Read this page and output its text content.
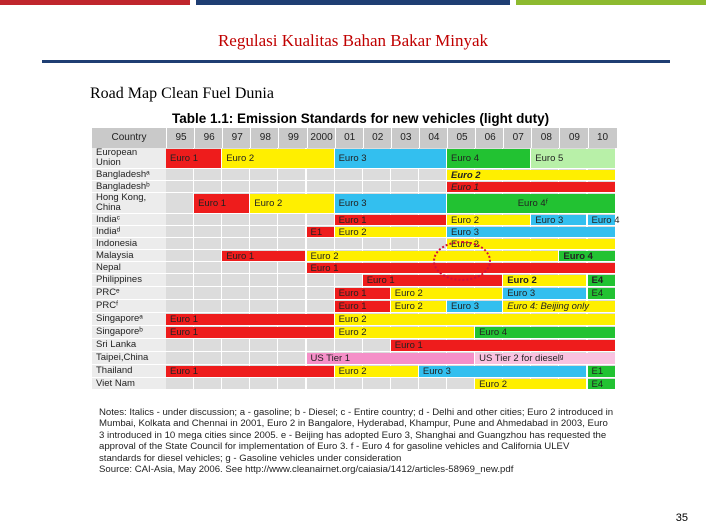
Regulasi Kualitas Bahan Bakar Minyak
Road Map Clean Fuel Dunia
Table 1.1: Emission Standards for new vehicles (light duty)
Country	95	96	97	98	99	2000	01	02	03	04	05	06	07	08	09	10
European
Union	Euro 1	Euro 2	Euro 3	Euro 4	Euro 5
Bangladeshᵃ	Euro 2
Bangladeshᵇ	Euro 1
Hong Kong,
China	Euro 1	Euro 2	Euro 3	Euro 4ᶠ
Indiaᶜ	Euro 1	Euro 2	Euro 3	Euro 4
Indiaᵈ	E1	Euro 2	Euro 3
Indonesia	Euro 2
Malaysia	Euro 1	Euro 2	Euro 4
Nepal	Euro 1
Philippines	Euro 1	Euro 2	E4
PRCᵉ	Euro 1	Euro 2	Euro 3	E4
PRCᶠ	Euro 1	Euro 2	Euro 3	Euro 4: Beijing only
Singaporeᵃ	Euro 1	Euro 2
Singaporeᵇ	Euro 1	Euro 2	Euro 4
Sri Lanka	Euro 1
Taipei,China	US Tier 1	US Tier 2 for dieselᵍ
Thailand	Euro 1	Euro 2	Euro 3	E1
Viet Nam	Euro 2	E4
Notes: Italics - under discussion; a - gasoline; b - Diesel; c - Entire country; d - Delhi and other cities; Euro 2 introduced in Mumbai, Kolkata and Chennai in 2001, Euro 2 in Bangalore, Hyderabad, Khampur, Pune and Ahmedabad in 2003, Euro 3 introduced in 10 mega cities since 2005. e - Beijing has adopted Euro 3, Shanghai and Guangzhou has requested the approval of the State Council for implementation of Euro 3. f - Euro 4 for gasoline vehicles and California ULEV standards for diesel vehicles; g - Gasoline vehicles under consideration
Source: CAI-Asia, May 2006. See http://www.cleanairnet.org/caiasia/1412/articles-58969_new.pdf
35
